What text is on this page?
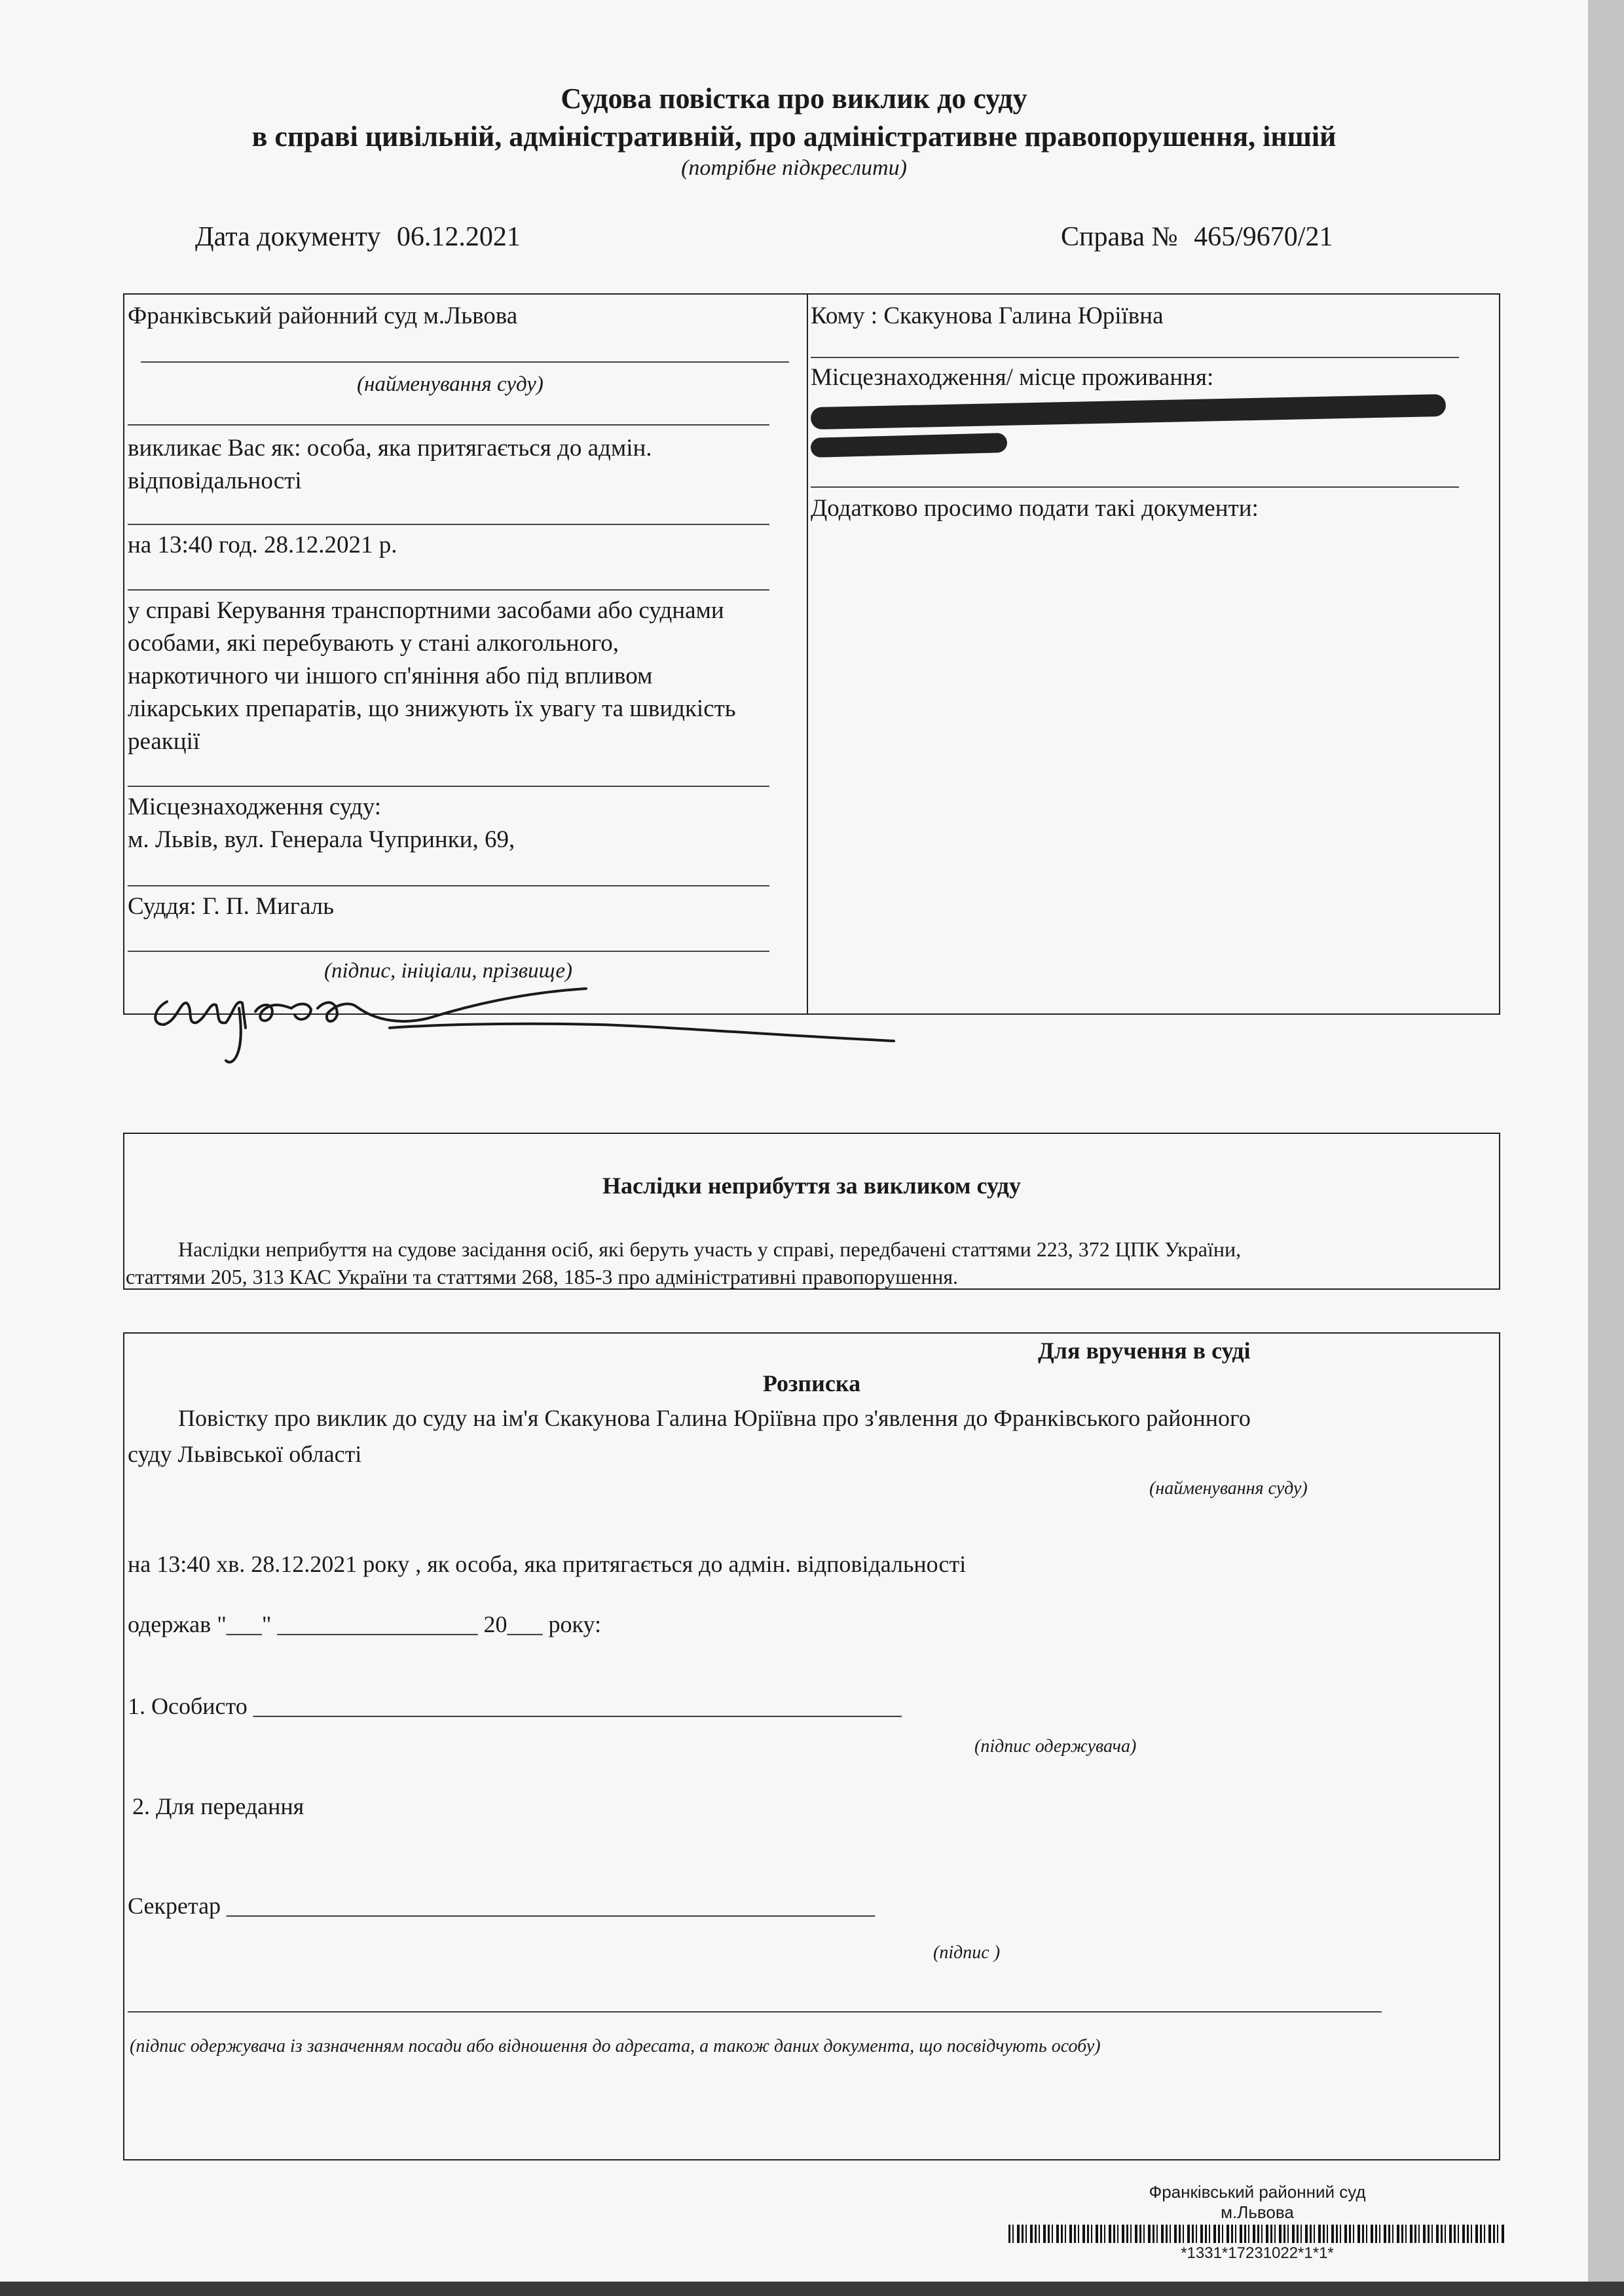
Судова повістка про виклик до суду
в справі цивільній, адміністративній, про адміністративне правопорушення, іншій
(потрібне підкреслити)
Дата документу 06.12.2021	Справа № 465/9670/21
Франківський районний суд м.Львова
(найменування суду)
викликає Вас як: особа, яка притягається до адмін.
відповідальності
на 13:40 год. 28.12.2021 р.
у справі Керування транспортними засобами або суднами
особами, які перебувають у стані алкогольного,
наркотичного чи іншого сп'яніння або під впливом
лікарських препаратів, що знижують їх увагу та швидкість
реакції
Місцезнаходження суду:
м. Львів, вул. Генерала Чупринки, 69,
Суддя: Г. П. Мигаль
(підпис, ініціали, прізвище)
Кому : Скакунова Галина Юріївна
Місцезнаходження/ місце проживання:
Додатково просимо подати такі документи:
Наслідки неприбуття за викликом суду
Наслідки неприбуття на судове засідання осіб, які беруть участь у справі, передбачені статтями 223, 372 ЦПК України,
статтями 205, 313 КАС України та статтями 268, 185-3 про адміністративні правопорушення.
Для вручення в суді
Розписка
Повістку про виклик до суду на ім'я Скакунова Галина Юріївна про з'явлення до Франківського районного
суду Львівської області
(найменування суду)
на 13:40 хв. 28.12.2021 року , як особа, яка притягається до адмін. відповідальності
одержав "___" _________________ 20___ року:
1. Особисто _______________________________________________________
(підпис одержувача)
2. Для передання
Секретар _______________________________________________________
(підпис )
(підпис одержувача із зазначенням посади або відношення до адресата, а також даних документа, що посвідчують особу)
Франківський районний суд
м.Львова
*1331*17231022*1*1*
